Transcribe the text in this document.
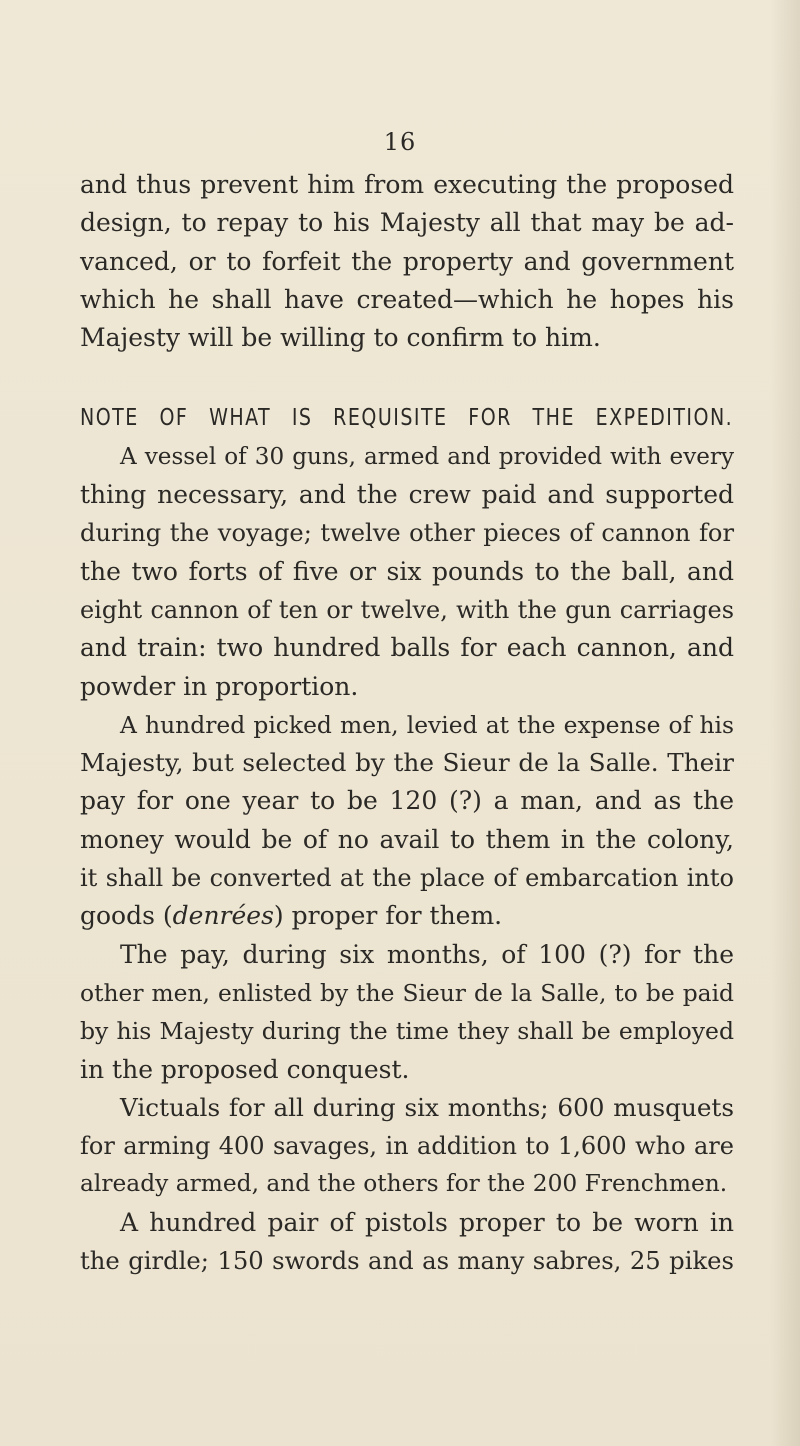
16
and thus prevent him from executing the proposed
design, to repay to his Majesty all that may be ad-
vanced, or to forfeit the property and government
which he shall have created—which he hopes his
Majesty will be willing to confirm to him.
NOTE OF WHAT IS REQUISITE FOR THE EXPEDITION.
A vessel of 30 guns, armed and provided with every
thing necessary, and the crew paid and supported
during the voyage; twelve other pieces of cannon for
the two forts of five or six pounds to the ball, and
eight cannon of ten or twelve, with the gun carriages
and train: two hundred balls for each cannon, and
powder in proportion.
A hundred picked men, levied at the expense of his
Majesty, but selected by the Sieur de la Salle. Their
pay for one year to be 120 (?) a man, and as the
money would be of no avail to them in the colony,
it shall be converted at the place of embarcation into
goods (denrées) proper for them.
The pay, during six months, of 100 (?) for the
other men, enlisted by the Sieur de la Salle, to be paid
by his Majesty during the time they shall be employed
in the proposed conquest.
Victuals for all during six months; 600 musquets
for arming 400 savages, in addition to 1,600 who are
already armed, and the others for the 200 Frenchmen.
A hundred pair of pistols proper to be worn in
the girdle; 150 swords and as many sabres, 25 pikes
